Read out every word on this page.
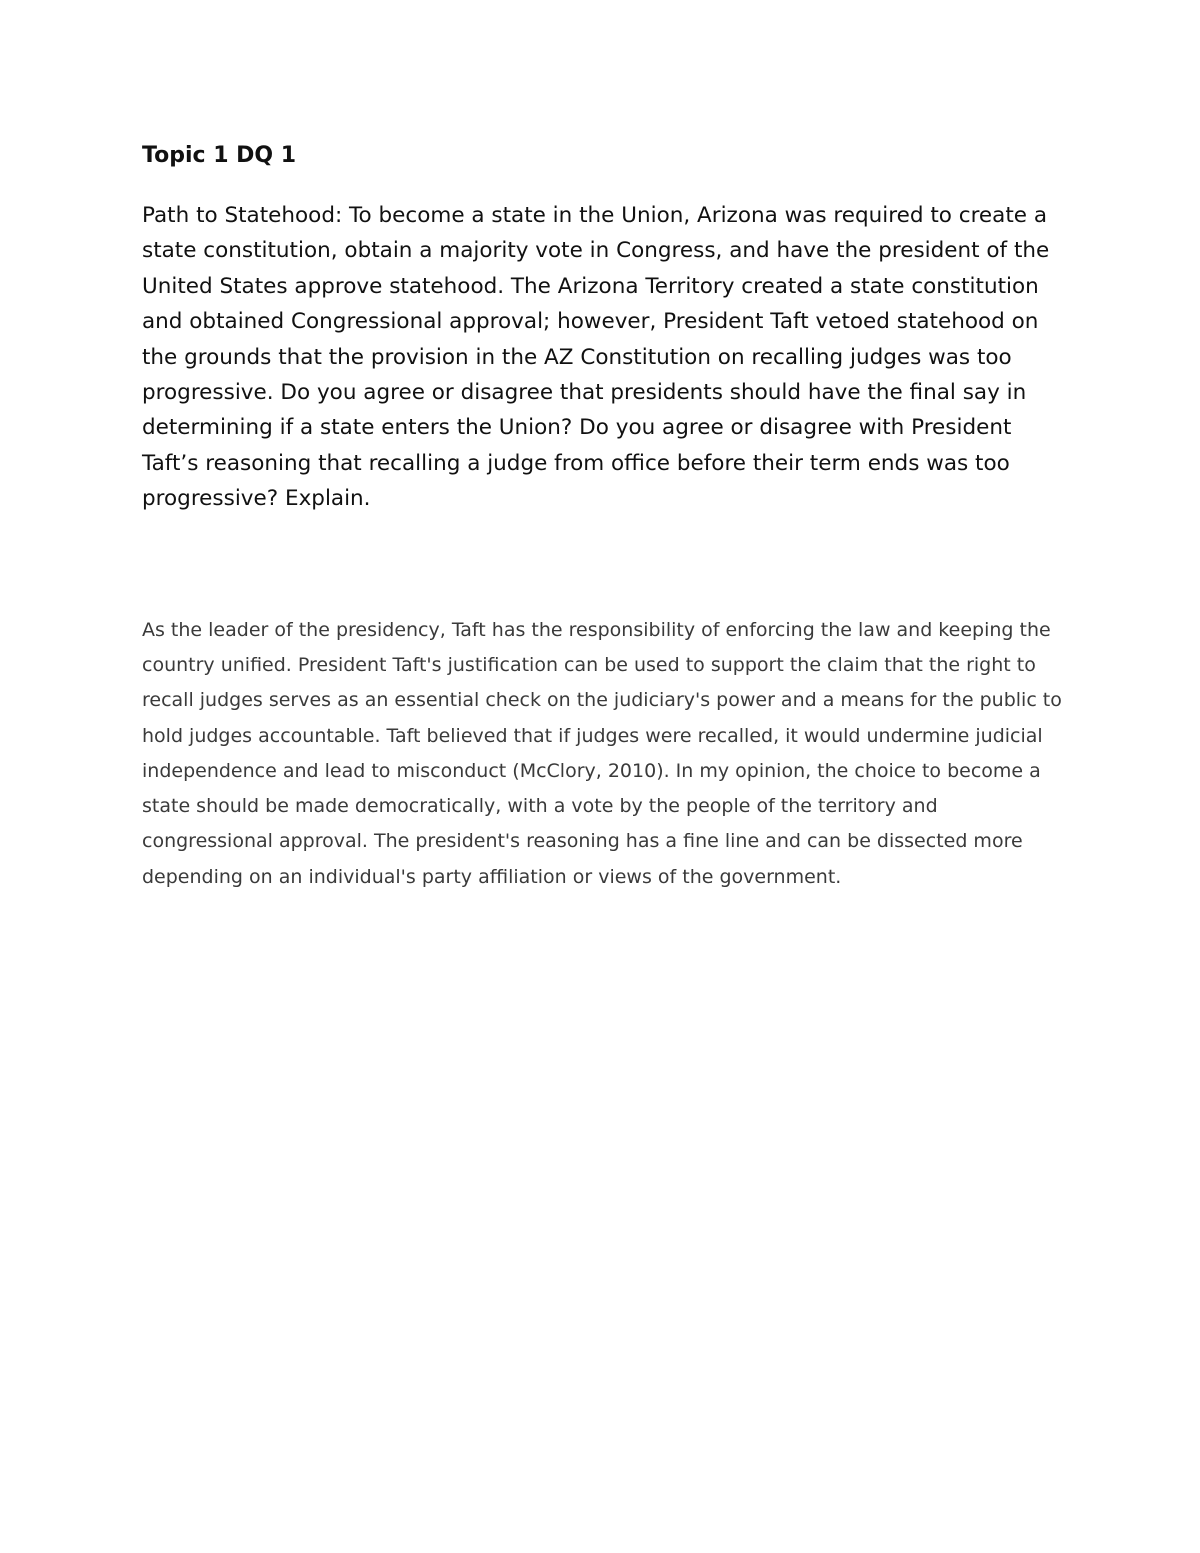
Topic 1 DQ 1

Path to Statehood: To become a state in the Union, Arizona was required to create a state constitution, obtain a majority vote in Congress, and have the president of the United States approve statehood. The Arizona Territory created a state constitution and obtained Congressional approval; however, President Taft vetoed statehood on the grounds that the provision in the AZ Constitution on recalling judges was too progressive. Do you agree or disagree that presidents should have the final say in determining if a state enters the Union? Do you agree or disagree with President Taft’s reasoning that recalling a judge from office before their term ends was too progressive? Explain.

As the leader of the presidency, Taft has the responsibility of enforcing the law and keeping the country unified. President Taft's justification can be used to support the claim that the right to recall judges serves as an essential check on the judiciary's power and a means for the public to hold judges accountable. Taft believed that if judges were recalled, it would undermine judicial independence and lead to misconduct (McClory, 2010). In my opinion, the choice to become a state should be made democratically, with a vote by the people of the territory and congressional approval. The president's reasoning has a fine line and can be dissected more depending on an individual's party affiliation or views of the government.
